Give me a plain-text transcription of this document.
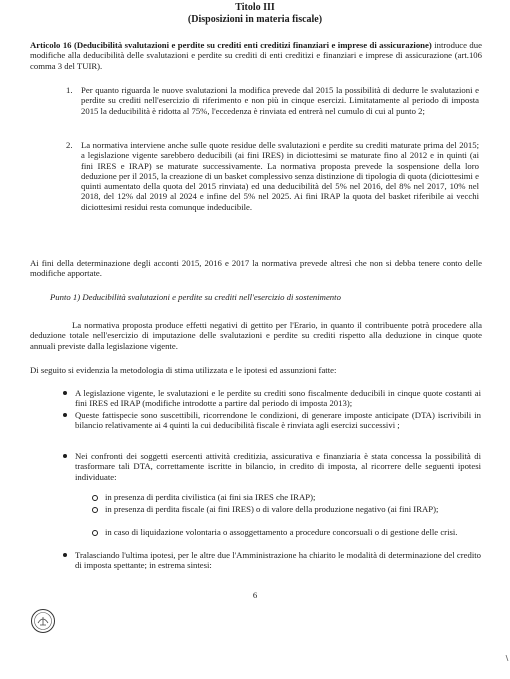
Titolo III
(Disposizioni in materia fiscale)
Articolo 16 (Deducibilità svalutazioni e perdite su crediti enti creditizi finanziari e imprese di assicurazione) introduce due modifiche alla deducibilità delle svalutazioni e perdite su crediti di enti creditizi e finanziari e imprese di assicurazione (art.106 comma 3 del TUIR).
1. Per quanto riguarda le nuove svalutazioni la modifica prevede dal 2015 la possibilità di dedurre le svalutazioni e perdite su crediti nell'esercizio di riferimento e non più in cinque esercizi. Limitatamente al periodo di imposta 2015 la deducibilità è ridotta al 75%, l'eccedenza è rinviata ed entrerà nel cumulo di cui al punto 2;
2. La normativa interviene anche sulle quote residue delle svalutazioni e perdite su crediti maturate prima del 2015; a legislazione vigente sarebbero deducibili (ai fini IRES) in diciottesimi se maturate fino al 2012 e in quinti (ai fini IRES e IRAP) se maturate successivamente. La normativa proposta prevede la sospensione della loro deduzione per il 2015, la creazione di un basket complessivo senza distinzione di tipologia di quota (diciottesimi e quinti aumentato della quota del 2015 rinviata) ed una deducibilità del 5% nel 2016, del 8% nel 2017, 10% nel 2018, del 12% dal 2019 al 2024 e infine del 5% nel 2025. Ai fini IRAP la quota del basket riferibile ai vecchi diciottesimi residui resta comunque indeducibile.
Ai fini della determinazione degli acconti 2015, 2016 e 2017 la normativa prevede altresì che non si debba tenere conto delle modifiche apportate.
Punto 1) Deducibilità svalutazioni e perdite su crediti nell'esercizio di sostenimento
La normativa proposta produce effetti negativi di gettito per l'Erario, in quanto il contribuente potrà procedere alla deduzione totale nell'esercizio di imputazione delle svalutazioni e perdite su crediti rispetto alla deduzione in cinque quote annuali previste dalla legislazione vigente.
Di seguito si evidenzia la metodologia di stima utilizzata e le ipotesi ed assunzioni fatte:
A legislazione vigente, le svalutazioni e le perdite su crediti sono fiscalmente deducibili in cinque quote costanti ai fini IRES ed IRAP (modifiche introdotte a partire dal periodo di imposta 2013);
Queste fattispecie sono suscettibili, ricorrendone le condizioni, di generare imposte anticipate (DTA) iscrivibili in bilancio relativamente ai 4 quinti la cui deducibilità fiscale è rinviata agli esercizi successivi ;
Nei confronti dei soggetti esercenti attività creditizia, assicurativa e finanziaria è stata concessa la possibilità di trasformare tali DTA, correttamente iscritte in bilancio, in credito di imposta, al ricorrere delle seguenti ipotesi individuate:
in presenza di perdita civilistica (ai fini sia IRES che IRAP);
in presenza di perdita fiscale (ai fini IRES) o di valore della produzione negativo (ai fini IRAP);
in caso di liquidazione volontaria o assoggettamento a procedure concorsuali o di gestione delle crisi.
Tralasciando l'ultima ipotesi, per le altre due l'Amministrazione ha chiarito le modalità di determinazione del credito di imposta spettante; in estrema sintesi:
6
